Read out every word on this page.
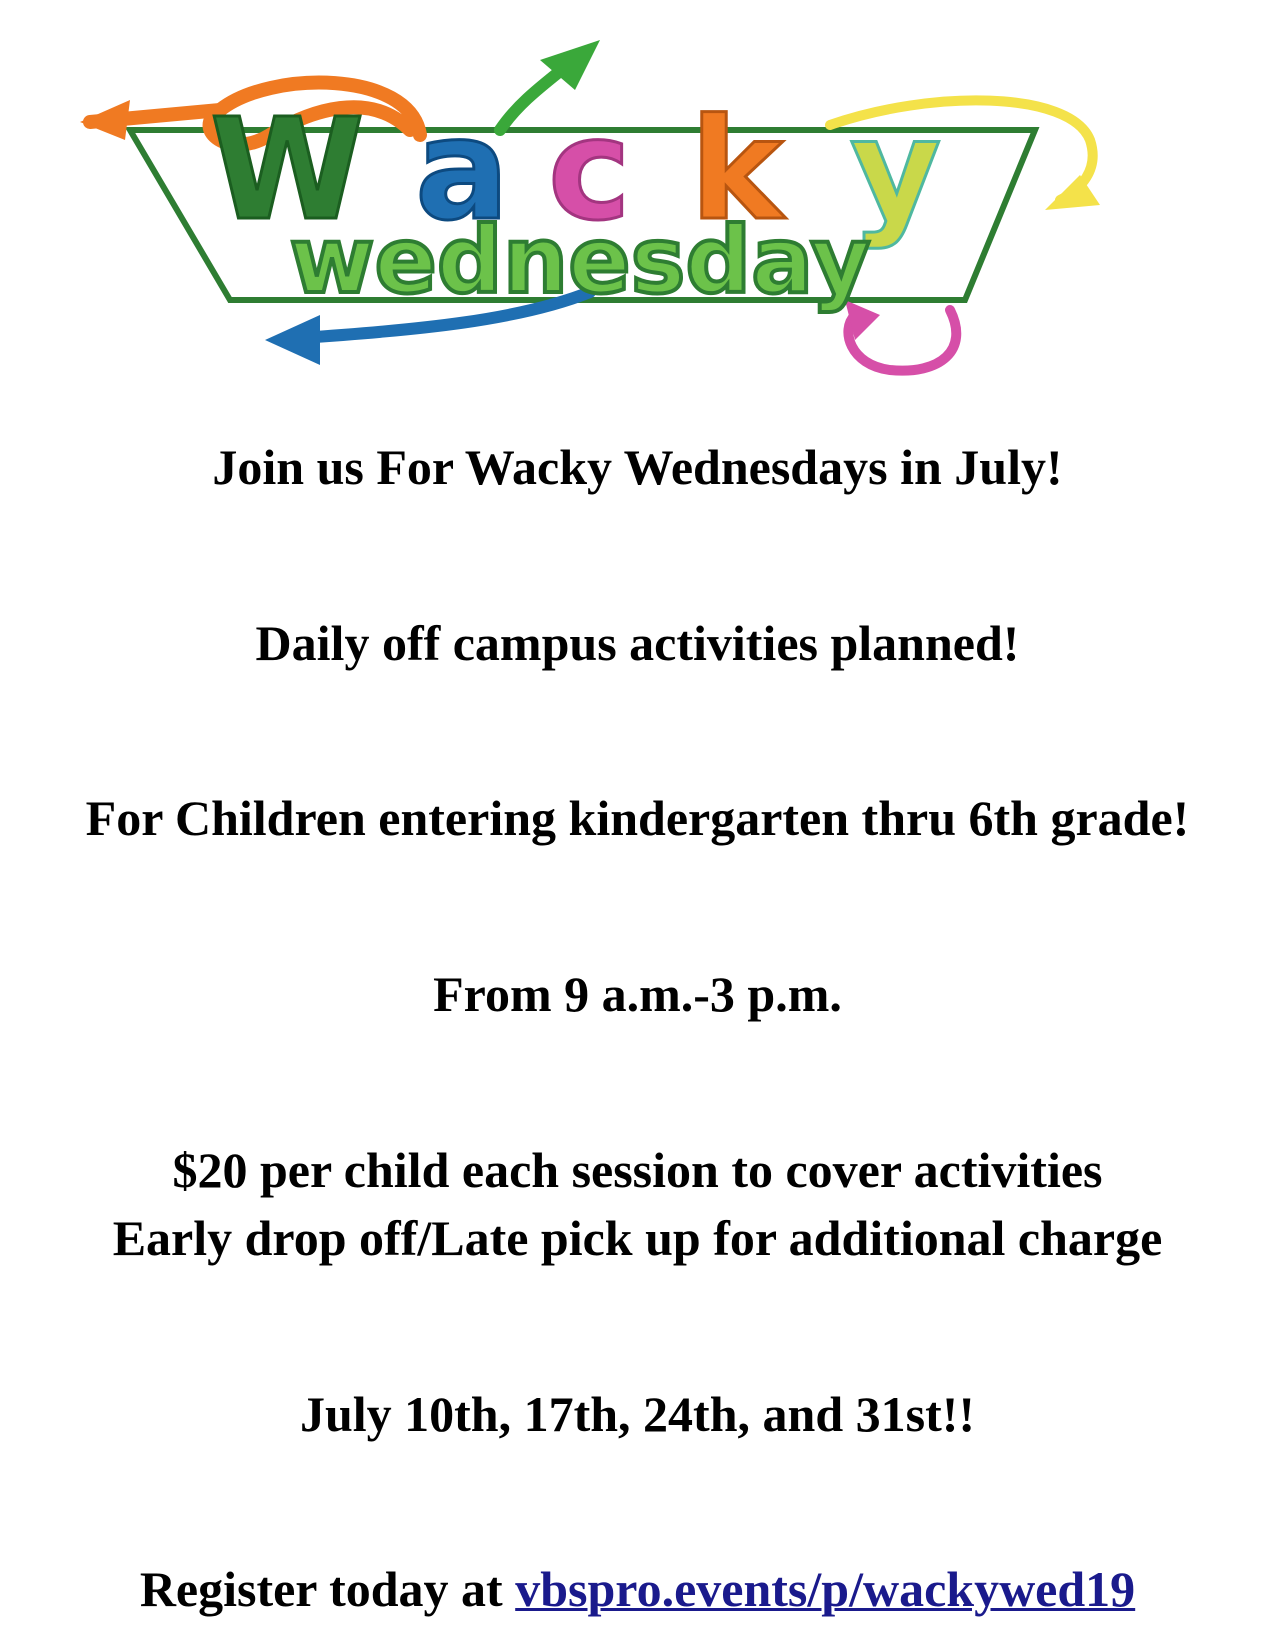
W a c k y
wednesday
Join us For Wacky Wednesdays in July!
Daily off campus activities planned!
For Children entering kindergarten thru 6th grade!
From 9 a.m.-3 p.m.
$20 per child each session to cover activities
Early drop off/Late pick up for additional charge
July 10th, 17th, 24th, and 31st!!
Register today at vbspro.events/p/wackywed19
